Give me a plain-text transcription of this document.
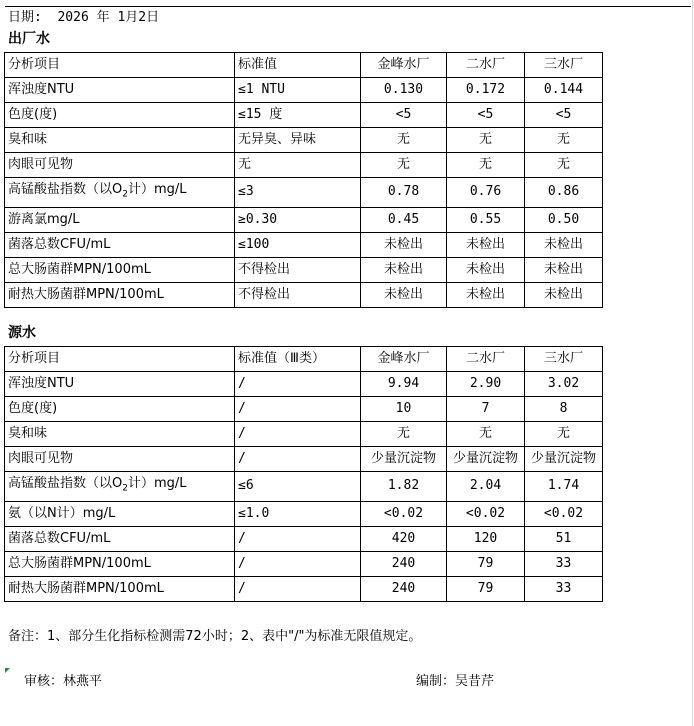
日期: 2026 年 1月2日
出厂水
分析项目	标准值	金峰水厂	二水厂	三水厂
浑浊度NTU	≤1 NTU	0.130	0.172	0.144
色度(度)	≤15 度	<5	<5	<5
臭和味	无异臭、异味	无	无	无
肉眼可见物	无	无	无	无
高锰酸盐指数（以$O_2$计）mg/L	≤3	0.78	0.76	0.86
游离氯mg/L	≥0.30	0.45	0.55	0.50
菌落总数CFU/mL	≤100	未检出	未检出	未检出
总大肠菌群MPN/100mL	不得检出	未检出	未检出	未检出
耐热大肠菌群MPN/100mL	不得检出	未检出	未检出	未检出
源水
分析项目	标准值（Ⅲ类）	金峰水厂	二水厂	三水厂
浑浊度NTU	/	9.94	2.90	3.02
色度(度)	/	10	7	8
臭和味	/	无	无	无
肉眼可见物	/	少量沉淀物	少量沉淀物	少量沉淀物
高锰酸盐指数（以$O_2$计）mg/L	≤6	1.82	2.04	1.74
氨（以N计）mg/L	≤1.0	<0.02	<0.02	<0.02
菌落总数CFU/mL	/	420	120	51
总大肠菌群MPN/100mL	/	240	79	33
耐热大肠菌群MPN/100mL	/	240	79	33
备注：1、部分生化指标检测需72小时；2、表中"/"为标准无限值规定。
审核：林燕平	编制：吴昔芹
